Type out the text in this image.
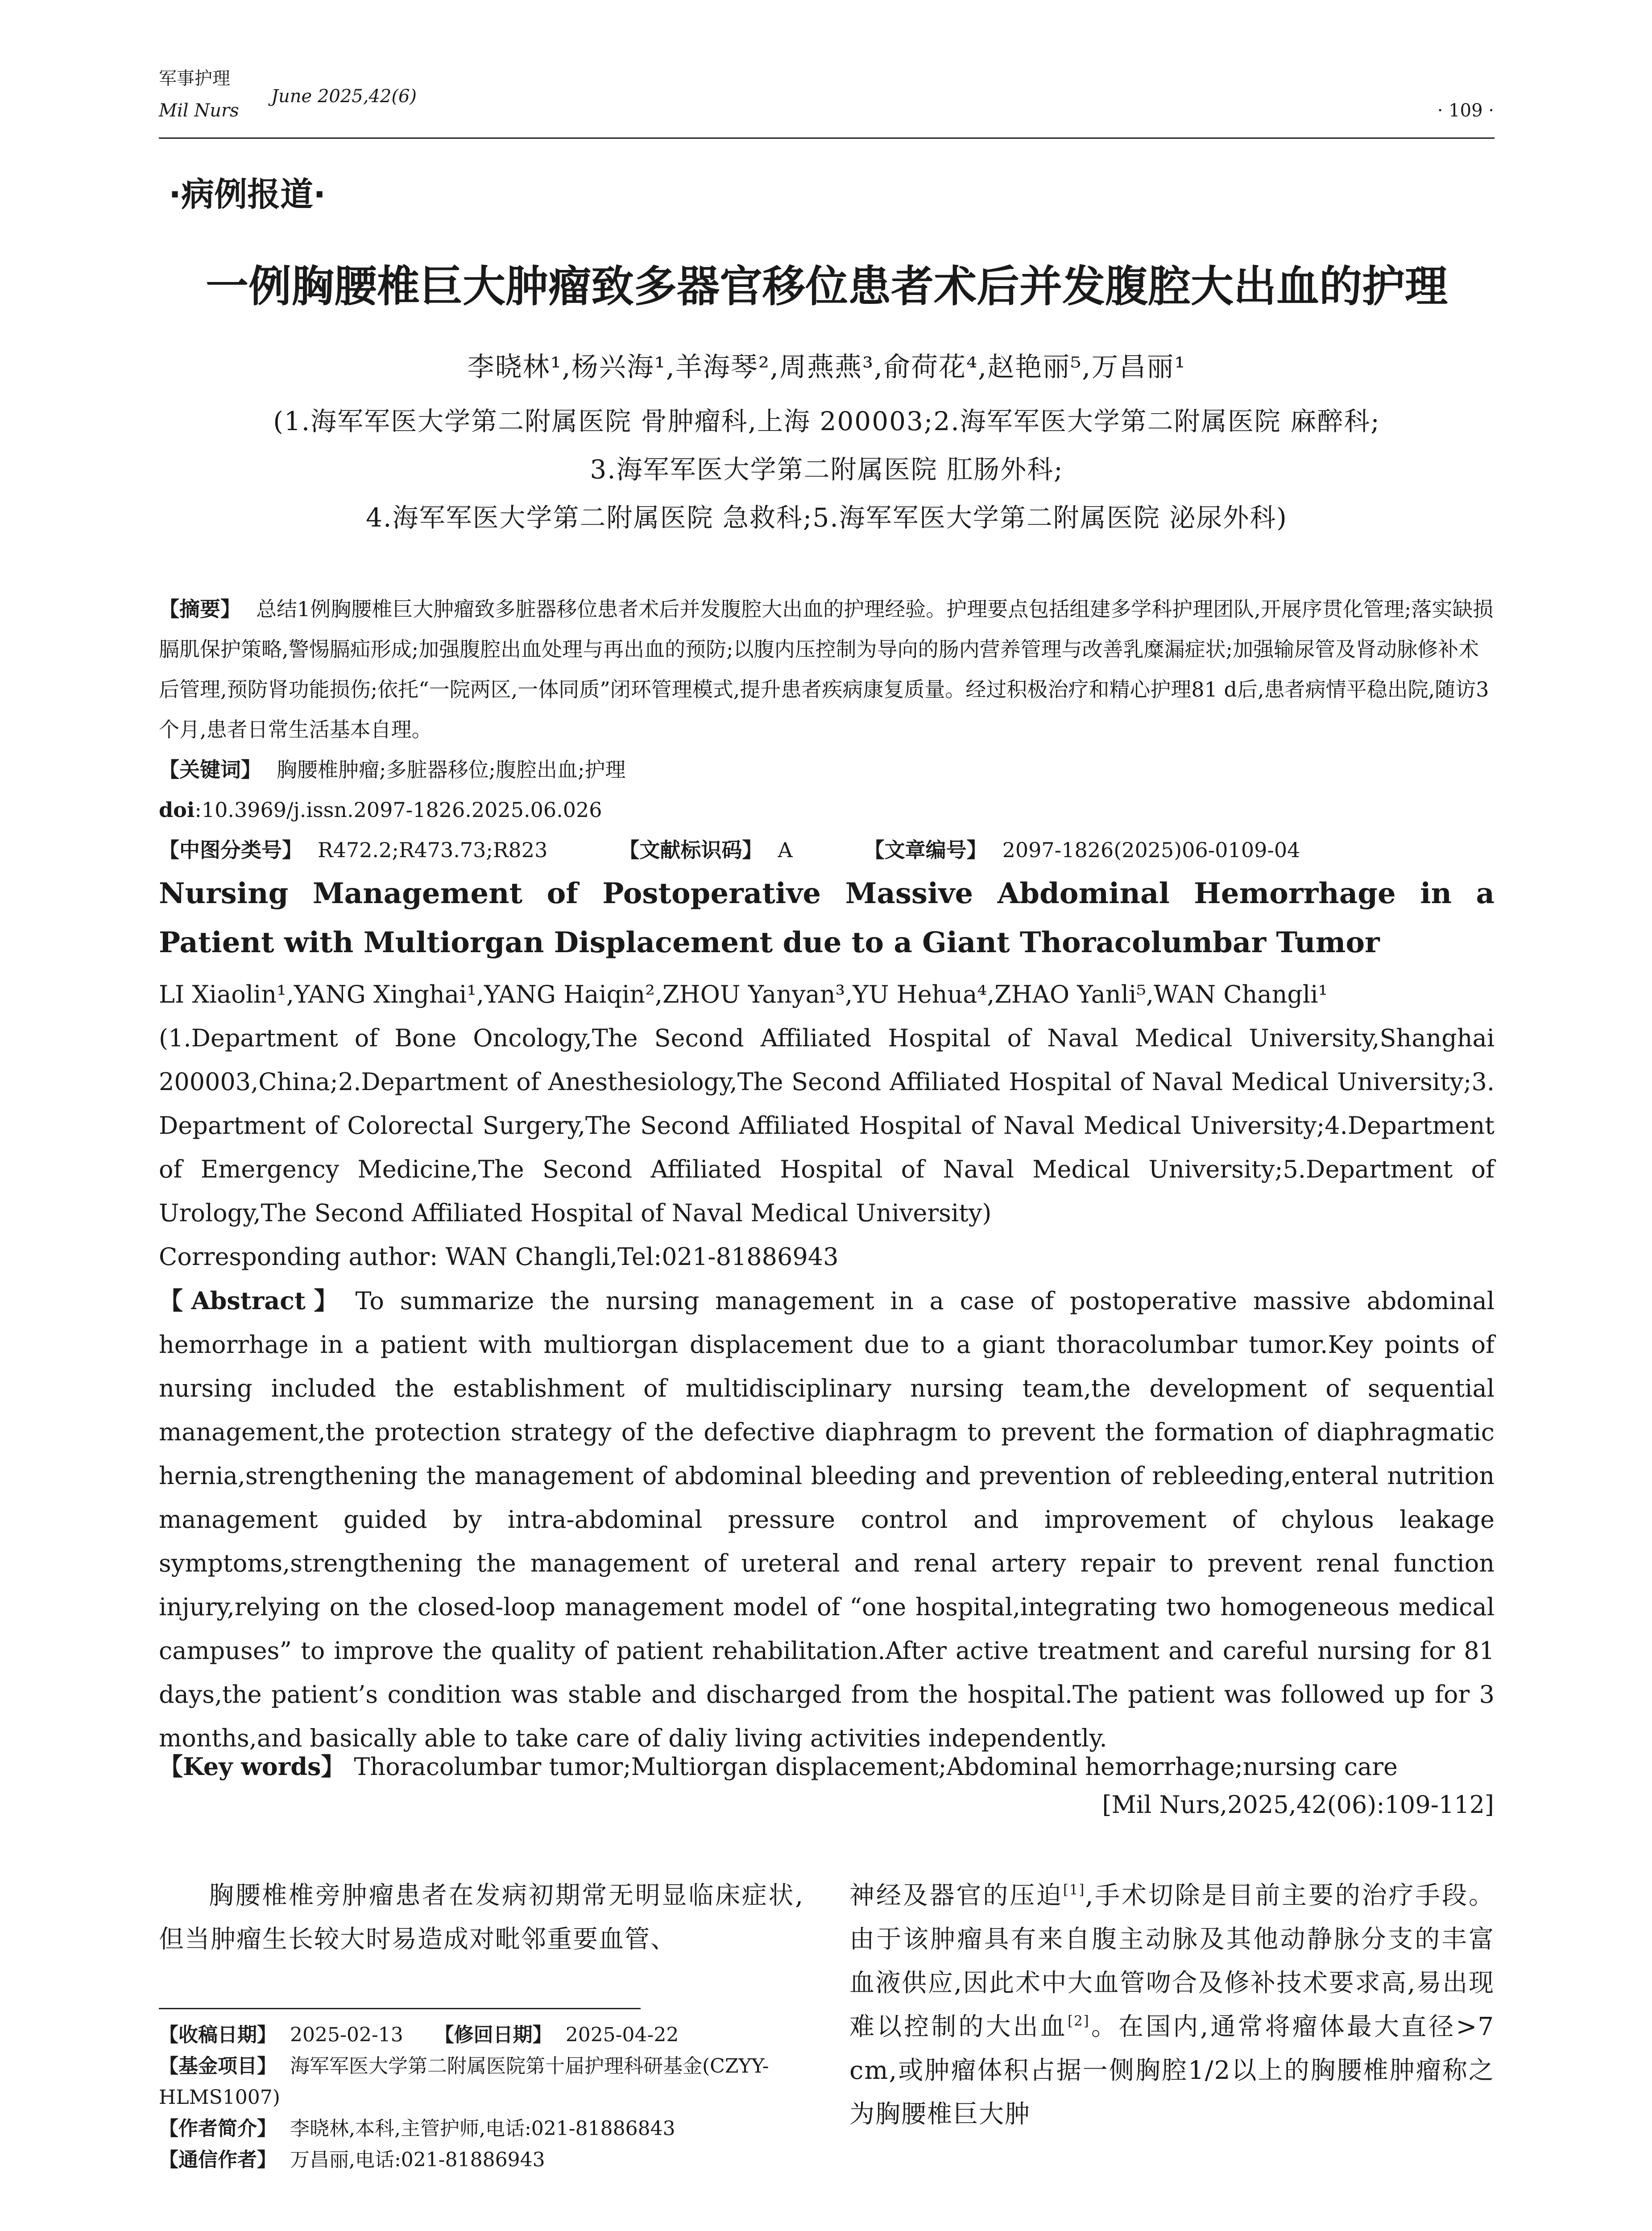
军事护理
Mil Nurs
June 2025,42(6)
· 109 ·
·病例报道·
一例胸腰椎巨大肿瘤致多器官移位患者术后并发腹腔大出血的护理
李晓林¹,杨兴海¹,羊海琴²,周燕燕³,俞荷花⁴,赵艳丽⁵,万昌丽¹
(1.海军军医大学第二附属医院 骨肿瘤科,上海 200003;2.海军军医大学第二附属医院 麻醉科;
3.海军军医大学第二附属医院 肛肠外科;
4.海军军医大学第二附属医院 急救科;5.海军军医大学第二附属医院 泌尿外科)
【摘要】 总结1例胸腰椎巨大肿瘤致多脏器移位患者术后并发腹腔大出血的护理经验。护理要点包括组建多学科护理团队,开展序贯化管理;落实缺损膈肌保护策略,警惕膈疝形成;加强腹腔出血处理与再出血的预防;以腹内压控制为导向的肠内营养管理与改善乳糜漏症状;加强输尿管及肾动脉修补术后管理,预防肾功能损伤;依托“一院两区,一体同质”闭环管理模式,提升患者疾病康复质量。经过积极治疗和精心护理81 d后,患者病情平稳出院,随访3个月,患者日常生活基本自理。
【关键词】 胸腰椎肿瘤;多脏器移位;腹腔出血;护理
doi:10.3969/j.issn.2097-1826.2025.06.026
【中图分类号】 R472.2;R473.73;R823	【文献标识码】 A	【文章编号】 2097-1826(2025)06-0109-04
Nursing Management of Postoperative Massive Abdominal Hemorrhage in a Patient with Multiorgan Displacement due to a Giant Thoracolumbar Tumor
LI Xiaolin¹,YANG Xinghai¹,YANG Haiqin²,ZHOU Yanyan³,YU Hehua⁴,ZHAO Yanli⁵,WAN Changli¹
(1.Department of Bone Oncology,The Second Affiliated Hospital of Naval Medical University,Shanghai 200003,China;2.Department of Anesthesiology,The Second Affiliated Hospital of Naval Medical University;3. Department of Colorectal Surgery,The Second Affiliated Hospital of Naval Medical University;4.Department of Emergency Medicine,The Second Affiliated Hospital of Naval Medical University;5.Department of Urology,The Second Affiliated Hospital of Naval Medical University)
Corresponding author: WAN Changli,Tel:021-81886943
【Abstract】 To summarize the nursing management in a case of postoperative massive abdominal hemorrhage in a patient with multiorgan displacement due to a giant thoracolumbar tumor.Key points of nursing included the establishment of multidisciplinary nursing team,the development of sequential management,the protection strategy of the defective diaphragm to prevent the formation of diaphragmatic hernia,strengthening the management of abdominal bleeding and prevention of rebleeding,enteral nutrition management guided by intra-abdominal pressure control and improvement of chylous leakage symptoms,strengthening the management of ureteral and renal artery repair to prevent renal function injury,relying on the closed-loop management model of “one hospital,integrating two homogeneous medical campuses” to improve the quality of patient rehabilitation.After active treatment and careful nursing for 81 days,the patient’s condition was stable and discharged from the hospital.The patient was followed up for 3 months,and basically able to take care of daliy living activities independently.
【Key words】 Thoracolumbar tumor;Multiorgan displacement;Abdominal hemorrhage;nursing care
[Mil Nurs,2025,42(06):109-112]
胸腰椎椎旁肿瘤患者在发病初期常无明显临床症状,但当肿瘤生长较大时易造成对毗邻重要血管、
神经及器官的压迫[1],手术切除是目前主要的治疗手段。由于该肿瘤具有来自腹主动脉及其他动静脉分支的丰富血液供应,因此术中大血管吻合及修补技术要求高,易出现难以控制的大出血[2]。在国内,通常将瘤体最大直径>7 cm,或肿瘤体积占据一侧胸腔1/2以上的胸腰椎肿瘤称之为胸腰椎巨大肿
【收稿日期】 2025-02-13 【修回日期】 2025-04-22
【基金项目】 海军军医大学第二附属医院第十届护理科研基金(CZYY-HLMS1007)
【作者简介】 李晓林,本科,主管护师,电话:021-81886843
【通信作者】 万昌丽,电话:021-81886943
